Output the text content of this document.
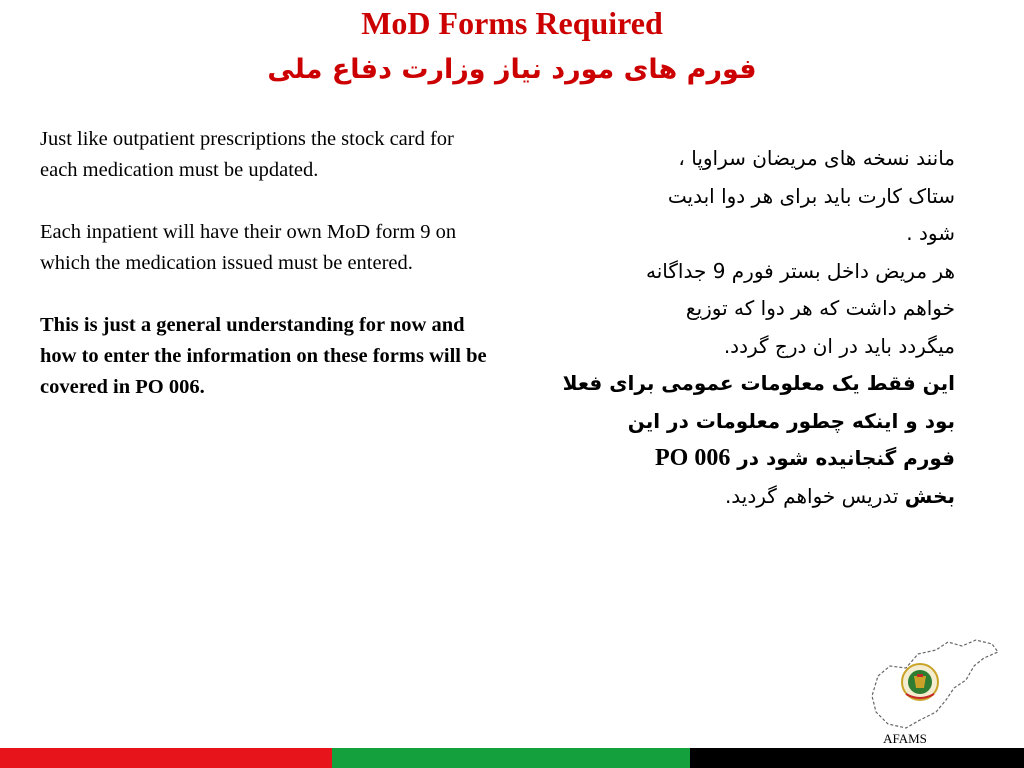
MoD Forms Required
فورم های مورد نیاز وزارت دفاع ملی

Just like outpatient prescriptions the stock card for each medication must be updated.

Each inpatient will have their own MoD form 9 on which the medication issued must be entered.

This is just a general understanding for now and how to enter the information on these forms will be covered in PO 006.

مانند نسخه های مریضان سراوپا ،

ستاک کارت باید برای هر دوا ابدیت

شود .

هر مریض داخل بستر فورم 9 جداگانه

خواهم داشت که هر دوا که توزیع

میگردد باید در ان درج گردد.

این فقط یک معلومات عمومی برای فعلا

بود و اینکه چطور معلومات در این

فورم گنجانیده شود در PO 006

بخش تدریس خواهم گردید.

AFAMS
